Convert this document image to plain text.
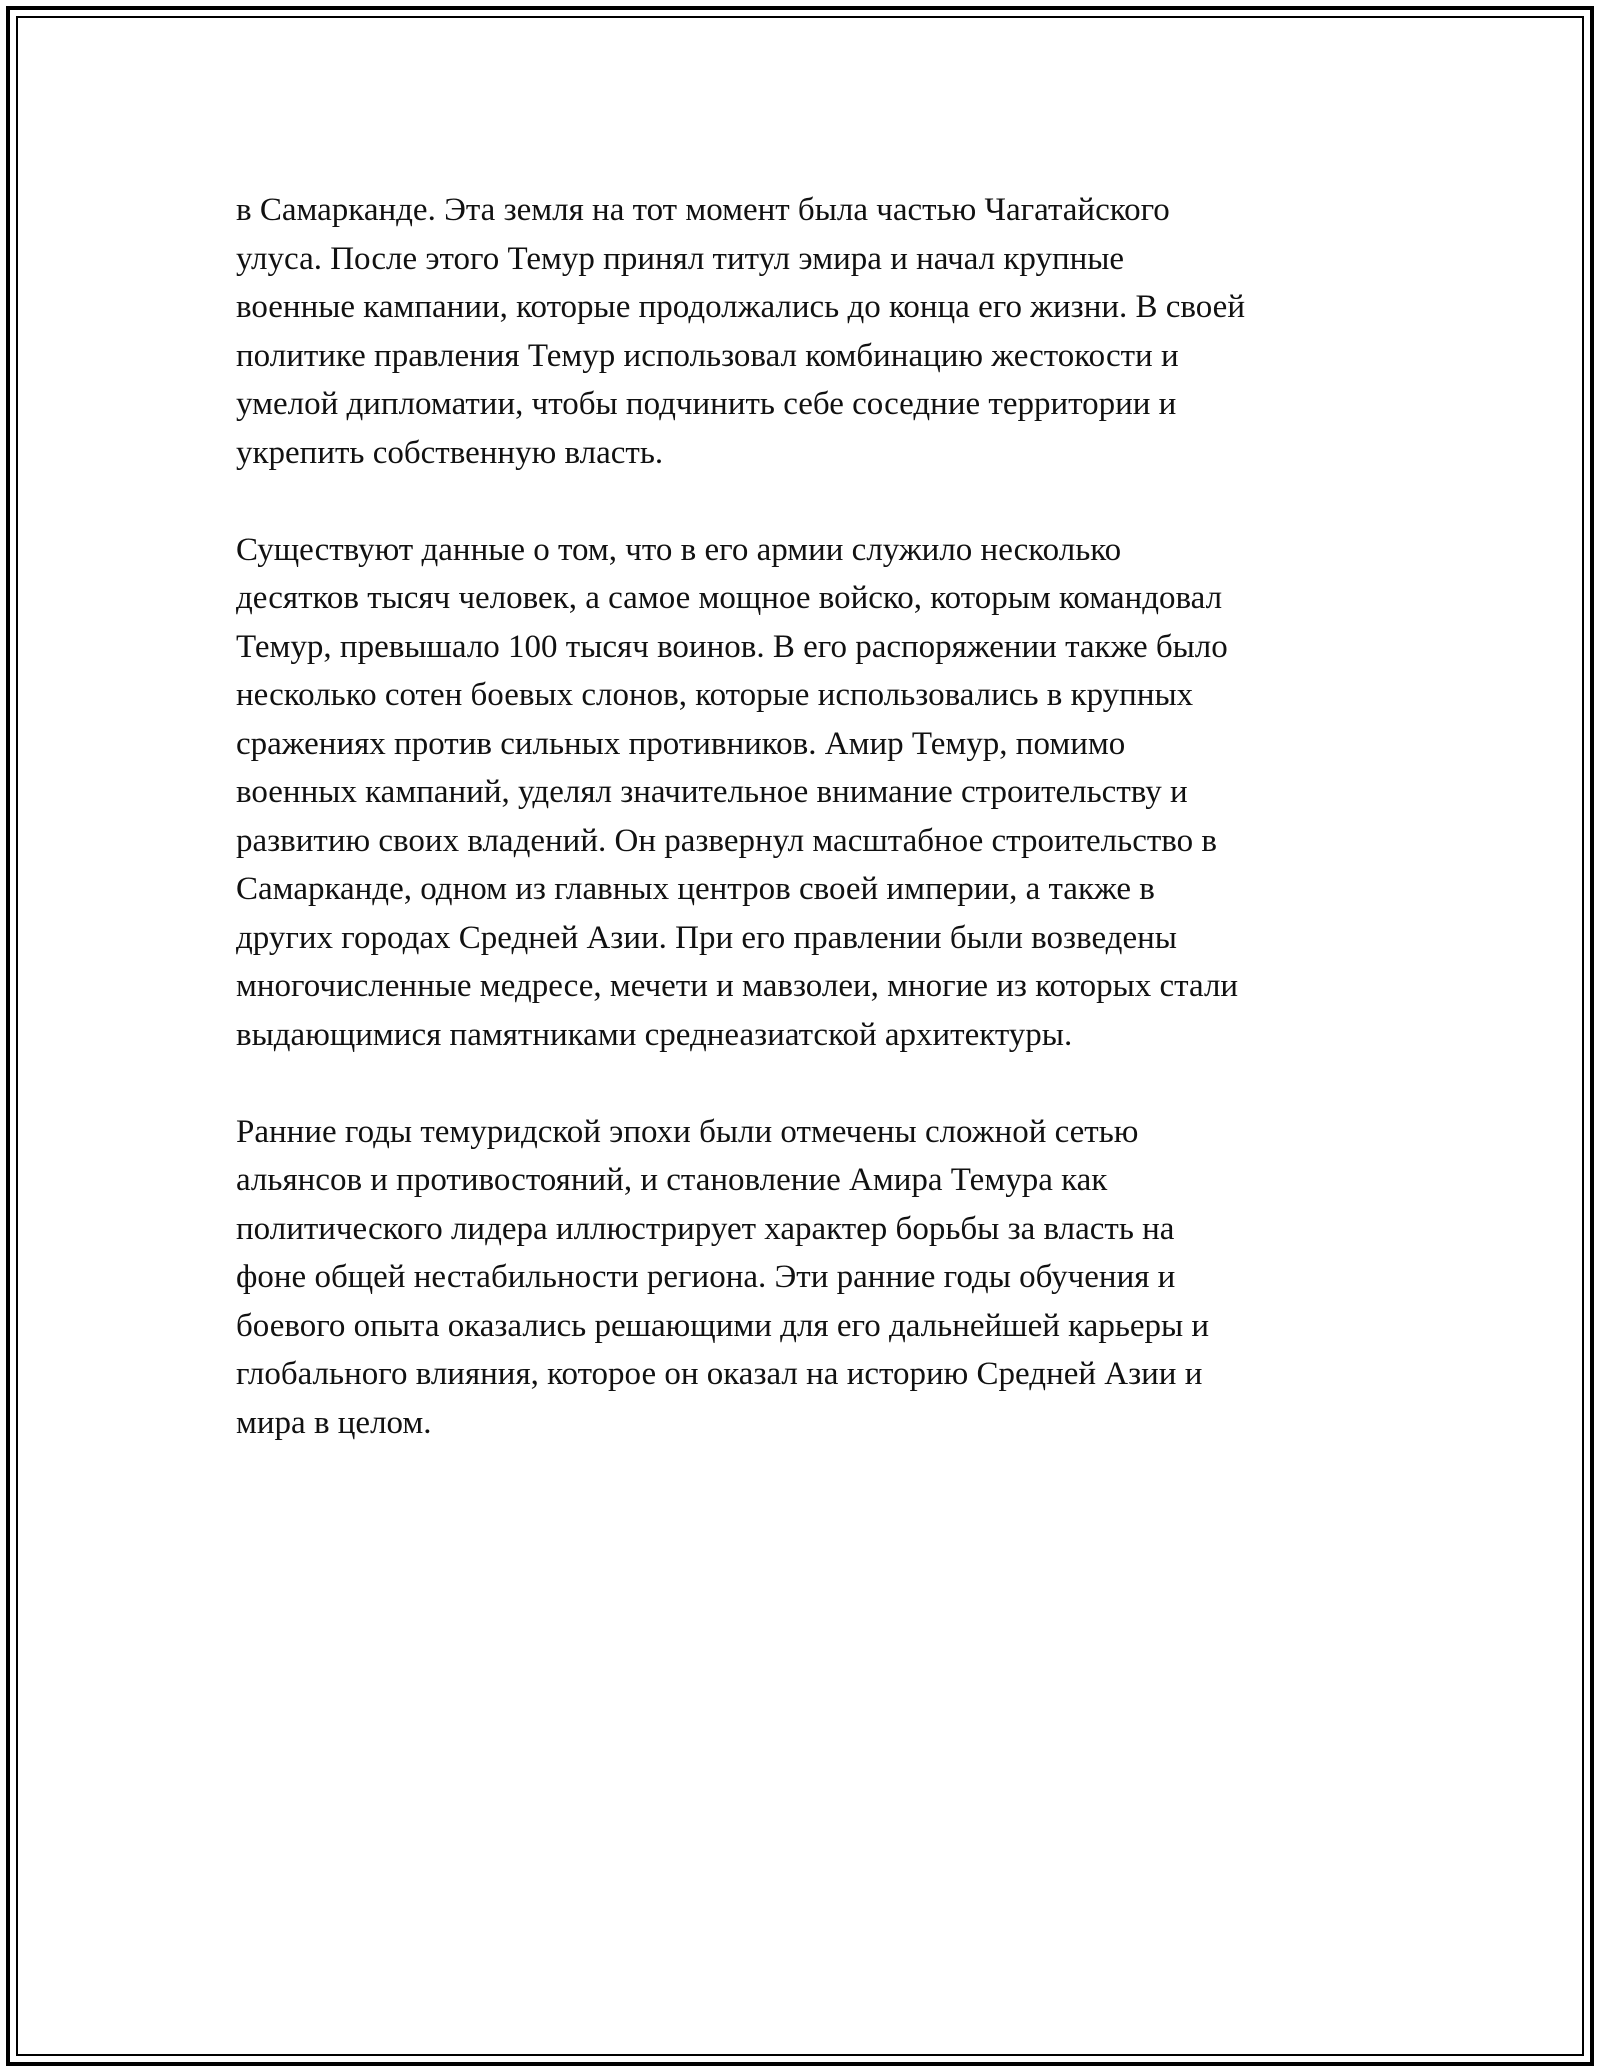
в Самарканде. Эта земля на тот момент была частью Чагатайского
улуса. После этого Темур принял титул эмира и начал крупные
военные кампании, которые продолжались до конца его жизни. В своей
политике правления Темур использовал комбинацию жестокости и
умелой дипломатии, чтобы подчинить себе соседние территории и
укрепить собственную власть.
Существуют данные о том, что в его армии служило несколько
десятков тысяч человек, а самое мощное войско, которым командовал
Темур, превышало 100 тысяч воинов. В его распоряжении также было
несколько сотен боевых слонов, которые использовались в крупных
сражениях против сильных противников. Амир Темур, помимо
военных кампаний, уделял значительное внимание строительству и
развитию своих владений. Он развернул масштабное строительство в
Самарканде, одном из главных центров своей империи, а также в
других городах Средней Азии. При его правлении были возведены
многочисленные медресе, мечети и мавзолеи, многие из которых стали
выдающимися памятниками среднеазиатской архитектуры.
Ранние годы темуридской эпохи были отмечены сложной сетью
альянсов и противостояний, и становление Амира Темура как
политического лидера иллюстрирует характер борьбы за власть на
фоне общей нестабильности региона. Эти ранние годы обучения и
боевого опыта оказались решающими для его дальнейшей карьеры и
глобального влияния, которое он оказал на историю Средней Азии и
мира в целом.
